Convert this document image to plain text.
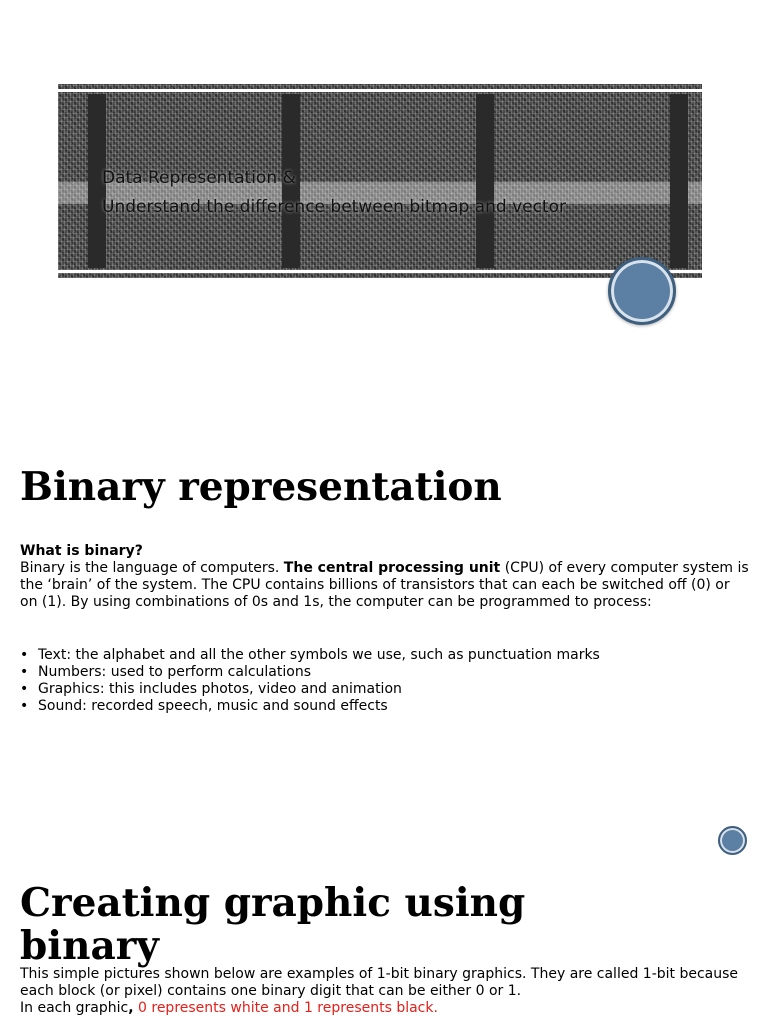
Data Representation &
Understand the difference between bitmap and vector
Binary representation
What is binary?
Binary is the language of computers. The central processing unit (CPU) of every computer system is the ‘brain’ of the system. The CPU contains billions of transistors that can each be switched off (0) or on (1). By using combinations of 0s and 1s, the computer can be programmed to process:
• Text: the alphabet and all the other symbols we use, such as punctuation marks
• Numbers: used to perform calculations
• Graphics: this includes photos, video and animation
• Sound: recorded speech, music and sound effects
Creating graphic using binary
This simple pictures shown below are examples of 1-bit binary graphics. They are called 1-bit because each block (or pixel) contains one binary digit that can be either 0 or 1.
In each graphic, 0 represents white and 1 represents black.
